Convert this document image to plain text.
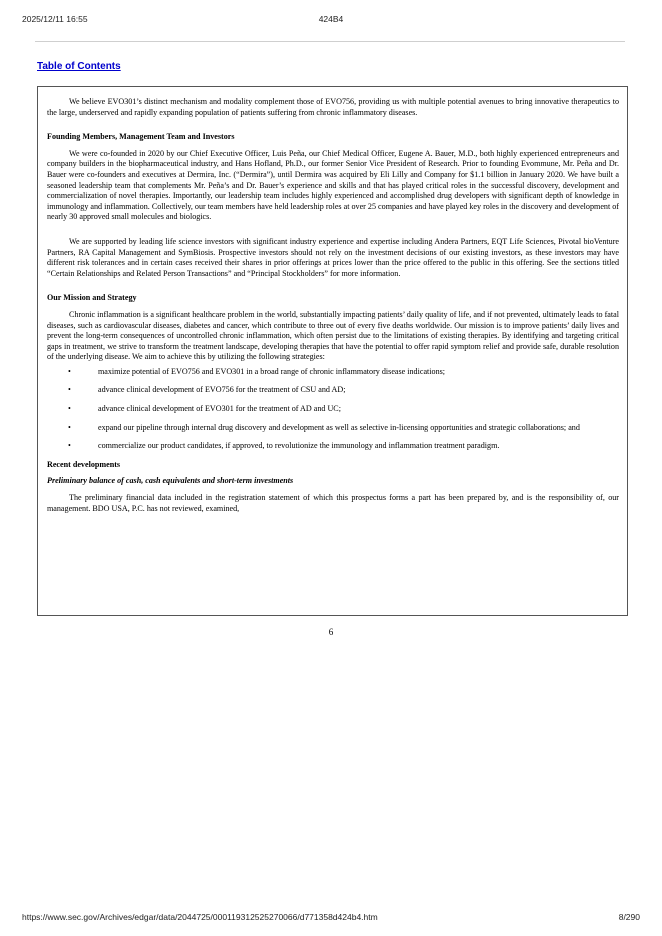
2025/12/11 16:55	424B4
Table of Contents

We believe EVO301’s distinct mechanism and modality complement those of EVO756, providing us with multiple potential avenues to bring innovative therapeutics to the large, underserved and rapidly expanding population of patients suffering from chronic inflammatory diseases.

Founding Members, Management Team and Investors

We were co-founded in 2020 by our Chief Executive Officer, Luis Peña, our Chief Medical Officer, Eugene A. Bauer, M.D., both highly experienced entrepreneurs and company builders in the biopharmaceutical industry, and Hans Hofland, Ph.D., our former Senior Vice President of Research. Prior to founding Evommune, Mr. Peña and Dr. Bauer were co-founders and executives at Dermira, Inc. (“Dermira”), until Dermira was acquired by Eli Lilly and Company for $1.1 billion in January 2020. We have built a seasoned leadership team that complements Mr. Peña’s and Dr. Bauer’s experience and skills and that has played critical roles in the successful discovery, development and commercialization of novel therapies. Importantly, our leadership team includes highly experienced and accomplished drug developers with significant depth of knowledge in immunology and inflammation. Collectively, our team members have held leadership roles at over 25 companies and have played key roles in the discovery and development of nearly 30 approved small molecules and biologics.

We are supported by leading life science investors with significant industry experience and expertise including Andera Partners, EQT Life Sciences, Pivotal bioVenture Partners, RA Capital Management and SymBiosis. Prospective investors should not rely on the investment decisions of our existing investors, as these investors may have different risk tolerances and in certain cases received their shares in prior offerings at prices lower than the price offered to the public in this offering. See the sections titled “Certain Relationships and Related Person Transactions” and “Principal Stockholders” for more information.

Our Mission and Strategy

Chronic inflammation is a significant healthcare problem in the world, substantially impacting patients’ daily quality of life, and if not prevented, ultimately leads to fatal diseases, such as cardiovascular diseases, diabetes and cancer, which contribute to three out of every five deaths worldwide. Our mission is to improve patients’ daily lives and prevent the long-term consequences of uncontrolled chronic inflammation, which often persist due to the limitations of existing therapies. By identifying and targeting critical gaps in treatment, we strive to transform the treatment landscape, developing therapies that have the potential to offer rapid symptom relief and provide safe, durable resolution of the underlying disease. We aim to achieve this by utilizing the following strategies:

•	maximize potential of EVO756 and EVO301 in a broad range of chronic inflammatory disease indications;
•	advance clinical development of EVO756 for the treatment of CSU and AD;
•	advance clinical development of EVO301 for the treatment of AD and UC;
•	expand our pipeline through internal drug discovery and development as well as selective in-licensing opportunities and strategic collaborations; and
•	commercialize our product candidates, if approved, to revolutionize the immunology and inflammation treatment paradigm.
Recent developments
Preliminary balance of cash, cash equivalents and short-term investments

The preliminary financial data included in the registration statement of which this prospectus forms a part has been prepared by, and is the responsibility of, our management. BDO USA, P.C. has not reviewed, examined,

6
https://www.sec.gov/Archives/edgar/data/2044725/000119312525270066/d771358d424b4.htm	8/290
